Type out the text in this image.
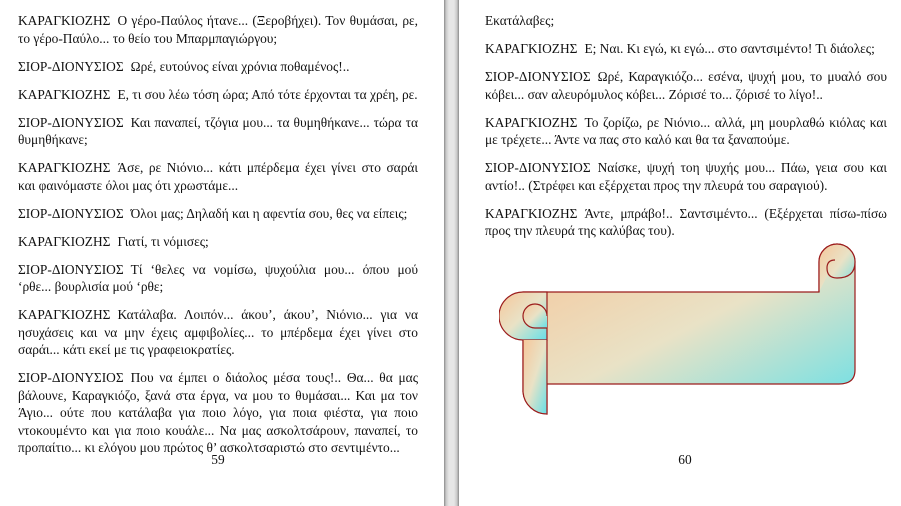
ΚΑΡΑΓΚΙΟΖΗΣ Ο γέρο-Παύλος ήτανε... (Ξεροβήχει). Τον θυμάσαι, ρε, το γέρο-Παύλο... το θείο του Μπαρμπαγιώργου;

ΣΙΟΡ-ΔΙΟΝΥΣΙΟΣ Ωρέ, ευτούνος είναι χρόνια ποθαμένος!..

ΚΑΡΑΓΚΙΟΖΗΣ Ε, τι σου λέω τόση ώρα; Από τότε έρχονται τα χρέη, ρε.

ΣΙΟΡ-ΔΙΟΝΥΣΙΟΣ Και παναπεί, τζόγια μου... τα θυμηθήκανε... τώρα τα θυμηθήκανε;

ΚΑΡΑΓΚΙΟΖΗΣ Άσε, ρε Νιόνιο... κάτι μπέρδεμα έχει γίνει στο σαράι και φαινόμαστε όλοι μας ότι χρωστάμε...

ΣΙΟΡ-ΔΙΟΝΥΣΙΟΣ Όλοι μας; Δηλαδή και η αφεντία σου, θες να είπεις;

ΚΑΡΑΓΚΙΟΖΗΣ Γιατί, τι νόμισες;

ΣΙΟΡ-ΔΙΟΝΥΣΙΟΣ Τί ‘θελες να νομίσω, ψυχούλια μου... όπου μού ‘ρθε... βουρλισία μού ‘ρθε;

ΚΑΡΑΓΚΙΟΖΗΣ Κατάλαβα. Λοιπόν... άκου’, άκου’, Νιόνιο... για να ησυχάσεις και να μην έχεις αμφιβολίες... το μπέρδεμα έχει γίνει στο σαράι... κάτι εκεί με τις γραφειοκρατίες.

ΣΙΟΡ-ΔΙΟΝΥΣΙΟΣ Που να έμπει ο διάολος μέσα τους!.. Θα... θα μας βάλουνε, Καραγκιόζο, ξανά στα έργα, να μου το θυμάσαι... Και μα τον Άγιο... ούτε που κατάλαβα για ποιο λόγο, για ποια φιέστα, για ποιο ντοκουμέντο και για ποιο κουάλε... Να μας ασκολτσάρουν, παναπεί, το προπαίτιο... κι ελόγου μου πρώτος θ’ ασκολτσαριστώ στο σεντιμέντο...

59

Εκατάλαβες;

ΚΑΡΑΓΚΙΟΖΗΣ Ε; Ναι. Κι εγώ, κι εγώ... στο σαντσιμέντο! Τι διάολες;

ΣΙΟΡ-ΔΙΟΝΥΣΙΟΣ Ωρέ, Καραγκιόζο... εσένα, ψυχή μου, το μυαλό σου κόβει... σαν αλευρόμυλος κόβει... Ζόρισέ το... ζόρισέ το λίγο!..

ΚΑΡΑΓΚΙΟΖΗΣ Το ζορίζω, ρε Νιόνιο... αλλά, μη μουρλαθώ κιόλας και με τρέχετε... Άντε να πας στο καλό και θα τα ξαναπούμε.

ΣΙΟΡ-ΔΙΟΝΥΣΙΟΣ Ναίσκε, ψυχή τοη ψυχής μου... Πάω, γεια σου και αντίο!.. (Στρέφει και εξέρχεται προς την πλευρά του σαραγιού).

ΚΑΡΑΓΚΙΟΖΗΣ Άντε, μπράβο!.. Σαντσιμέντο... (Εξέρχεται πίσω-πίσω προς την πλευρά της καλύβας του).

60
